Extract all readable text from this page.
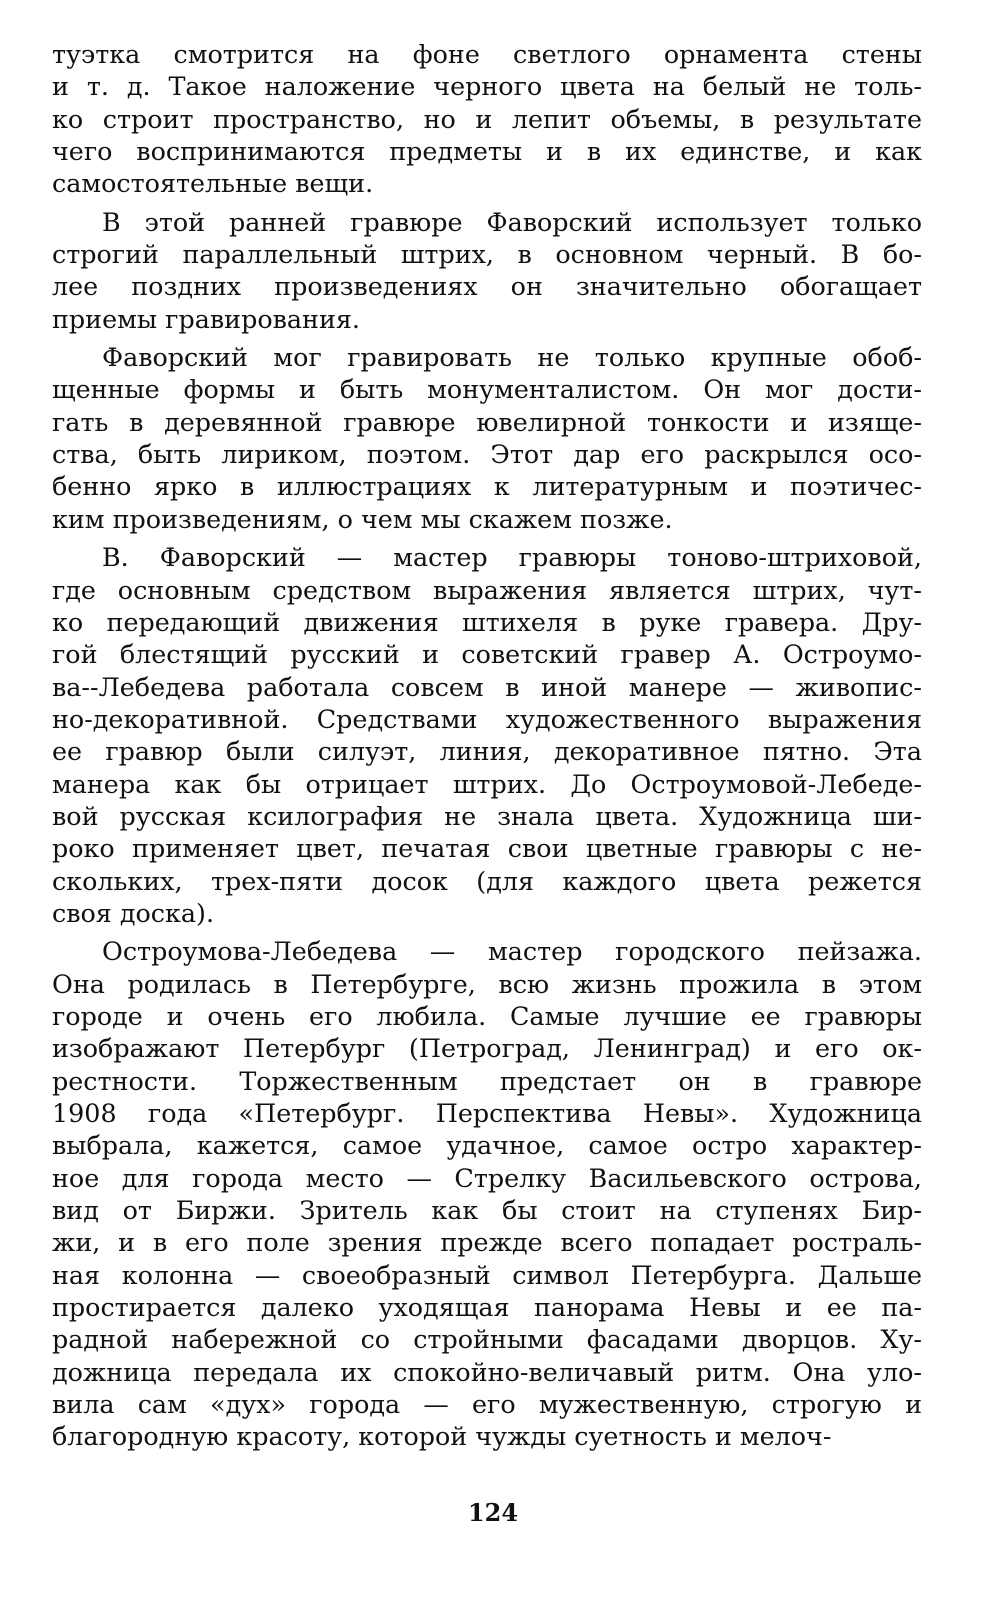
туэтка смотрится на фоне светлого орнамента стены
и т. д. Такое наложение черного цвета на белый не толь-
ко строит пространство, но и лепит объемы, в результате
чего воспринимаются предметы и в их единстве, и как
самостоятельные вещи.
В этой ранней гравюре Фаворский использует только
строгий параллельный штрих, в основном черный. В бо-
лее поздних произведениях он значительно обогащает
приемы гравирования.
Фаворский мог гравировать не только крупные обоб-
щенные формы и быть монументалистом. Он мог дости-
гать в деревянной гравюре ювелирной тонкости и изяще-
ства, быть лириком, поэтом. Этот дар его раскрылся осо-
бенно ярко в иллюстрациях к литературным и поэтичес-
ким произведениям, о чем мы скажем позже.
В. Фаворский — мастер гравюры тоново-штриховой,
где основным средством выражения является штрих, чут-
ко передающий движения штихеля в руке гравера. Дру-
гой блестящий русский и советский гравер А. Остроумо-
ва--Лебедева работала совсем в иной манере — живопис-
но-декоративной. Средствами художественного выражения
ее гравюр были силуэт, линия, декоративное пятно. Эта
манера как бы отрицает штрих. До Остроумовой-Лебеде-
вой русская ксилография не знала цвета. Художница ши-
роко применяет цвет, печатая свои цветные гравюры с не-
скольких, трех-пяти досок (для каждого цвета режется
своя доска).
Остроумова-Лебедева — мастер городского пейзажа.
Она родилась в Петербурге, всю жизнь прожила в этом
городе и очень его любила. Самые лучшие ее гравюры
изображают Петербург (Петроград, Ленинград) и его ок-
рестности. Торжественным предстает он в гравюре
1908 года «Петербург. Перспектива Невы». Художница
выбрала, кажется, самое удачное, самое остро характер-
ное для города место — Стрелку Васильевского острова,
вид от Биржи. Зритель как бы стоит на ступенях Бир-
жи, и в его поле зрения прежде всего попадает ростраль-
ная колонна — своеобразный символ Петербурга. Дальше
простирается далеко уходящая панорама Невы и ее па-
радной набережной со стройными фасадами дворцов. Ху-
дожница передала их спокойно-величавый ритм. Она уло-
вила сам «дух» города — его мужественную, строгую и
благородную красоту, которой чужды суетность и мелоч-
124
